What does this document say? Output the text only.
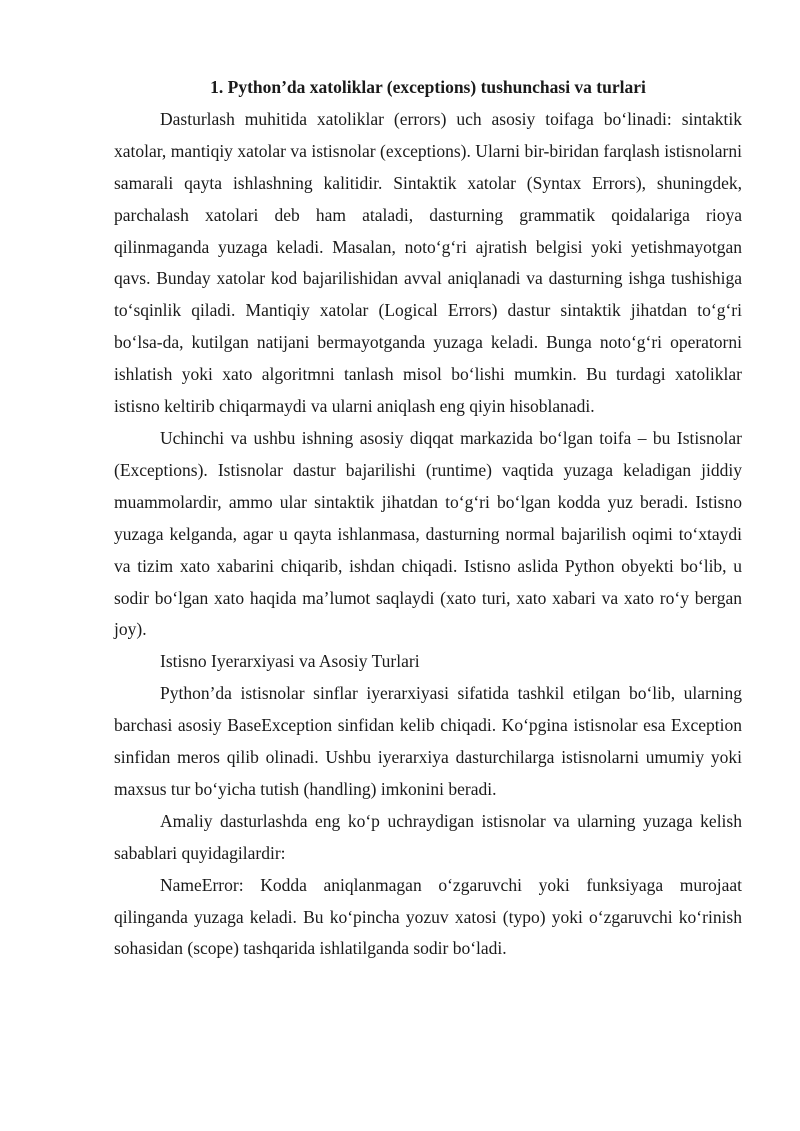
1. Python’da xatoliklar (exceptions) tushunchasi va turlari

Dasturlash muhitida xatoliklar (errors) uch asosiy toifaga bo‘linadi: sintaktik xatolar, mantiqiy xatolar va istisnolar (exceptions). Ularni bir-biridan farqlash istisnolarni samarali qayta ishlashning kalitidir. Sintaktik xatolar (Syntax Errors), shuningdek, parchalash xatolari deb ham ataladi, dasturning grammatik qoidalariga rioya qilinmaganda yuzaga keladi. Masalan, noto‘g‘ri ajratish belgisi yoki yetishmayotgan qavs. Bunday xatolar kod bajarilishidan avval aniqlanadi va dasturning ishga tushishiga to‘sqinlik qiladi. Mantiqiy xatolar (Logical Errors) dastur sintaktik jihatdan to‘g‘ri bo‘lsa-da, kutilgan natijani bermayotganda yuzaga keladi. Bunga noto‘g‘ri operatorni ishlatish yoki xato algoritmni tanlash misol bo‘lishi mumkin. Bu turdagi xatoliklar istisno keltirib chiqarmaydi va ularni aniqlash eng qiyin hisoblanadi.

Uchinchi va ushbu ishning asosiy diqqat markazida bo‘lgan toifa – bu Istisnolar (Exceptions). Istisnolar dastur bajarilishi (runtime) vaqtida yuzaga keladigan jiddiy muammolardir, ammo ular sintaktik jihatdan to‘g‘ri bo‘lgan kodda yuz beradi. Istisno yuzaga kelganda, agar u qayta ishlanmasa, dasturning normal bajarilish oqimi to‘xtaydi va tizim xato xabarini chiqarib, ishdan chiqadi. Istisno aslida Python obyekti bo‘lib, u sodir bo‘lgan xato haqida ma’lumot saqlaydi (xato turi, xato xabari va xato ro‘y bergan joy).

Istisno Iyerarxiyasi va Asosiy Turlari

Python’da istisnolar sinflar iyerarxiyasi sifatida tashkil etilgan bo‘lib, ularning barchasi asosiy BaseException sinfidan kelib chiqadi. Ko‘pgina istisnolar esa Exception sinfidan meros qilib olinadi. Ushbu iyerarxiya dasturchilarga istisnolarni umumiy yoki maxsus tur bo‘yicha tutish (handling) imkonini beradi.

Amaliy dasturlashda eng ko‘p uchraydigan istisnolar va ularning yuzaga kelish sabablari quyidagilardir:

NameError: Kodda aniqlanmagan o‘zgaruvchi yoki funksiyaga murojaat qilinganda yuzaga keladi. Bu ko‘pincha yozuv xatosi (typo) yoki o‘zgaruvchi ko‘rinish sohasidan (scope) tashqarida ishlatilganda sodir bo‘ladi.
